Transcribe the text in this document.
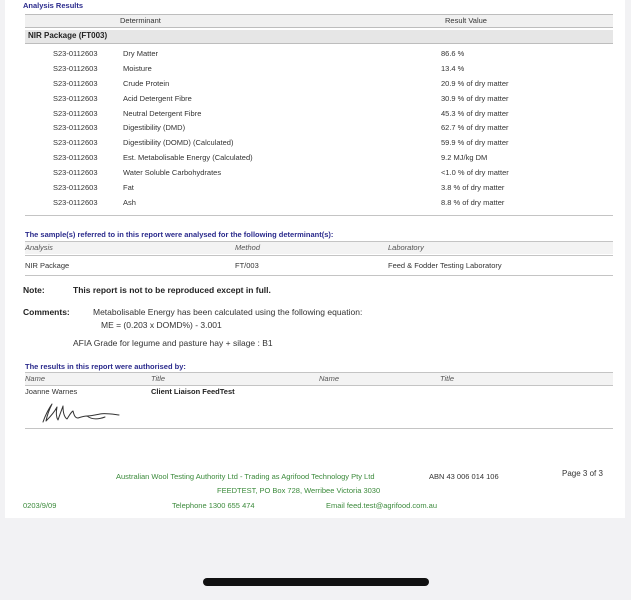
Analysis Results
Determinant	Result Value
NIR Package (FT003)
S23-0112603	Dry Matter	86.6 %
S23-0112603	Moisture	13.4 %
S23-0112603	Crude Protein	20.9 % of dry matter
S23-0112603	Acid Detergent Fibre	30.9 % of dry matter
S23-0112603	Neutral Detergent Fibre	45.3 % of dry matter
S23-0112603	Digestibility (DMD)	62.7 % of dry matter
S23-0112603	Digestibility (DOMD) (Calculated)	59.9 % of dry matter
S23-0112603	Est. Metabolisable Energy (Calculated)	9.2 MJ/kg DM
S23-0112603	Water Soluble Carbohydrates	<1.0 % of dry matter
S23-0112603	Fat	3.8 % of dry matter
S23-0112603	Ash	8.8 % of dry matter
The sample(s) referred to in this report were analysed for the following determinant(s):
Analysis	Method	Laboratory
NIR Package	FT/003	Feed & Fodder Testing Laboratory
Note:	This report is not to be reproduced except in full.
Comments:	Metabolisable Energy has been calculated using the following equation:
ME = (0.203 x DOMD%) - 3.001
AFIA Grade for legume and pasture hay + silage : B1
The results in this report were authorised by:
Name	Title	Name	Title
Joanne Warnes	Client Liaison FeedTest
Australian Wool Testing Authority Ltd - Trading as Agrifood Technology Pty Ltd	ABN 43 006 014 106	Page 3 of 3
FEEDTEST, PO Box 728, Werribee Victoria 3030
0203/9/09	Telephone 1300 655 474	Email feed.test@agrifood.com.au
